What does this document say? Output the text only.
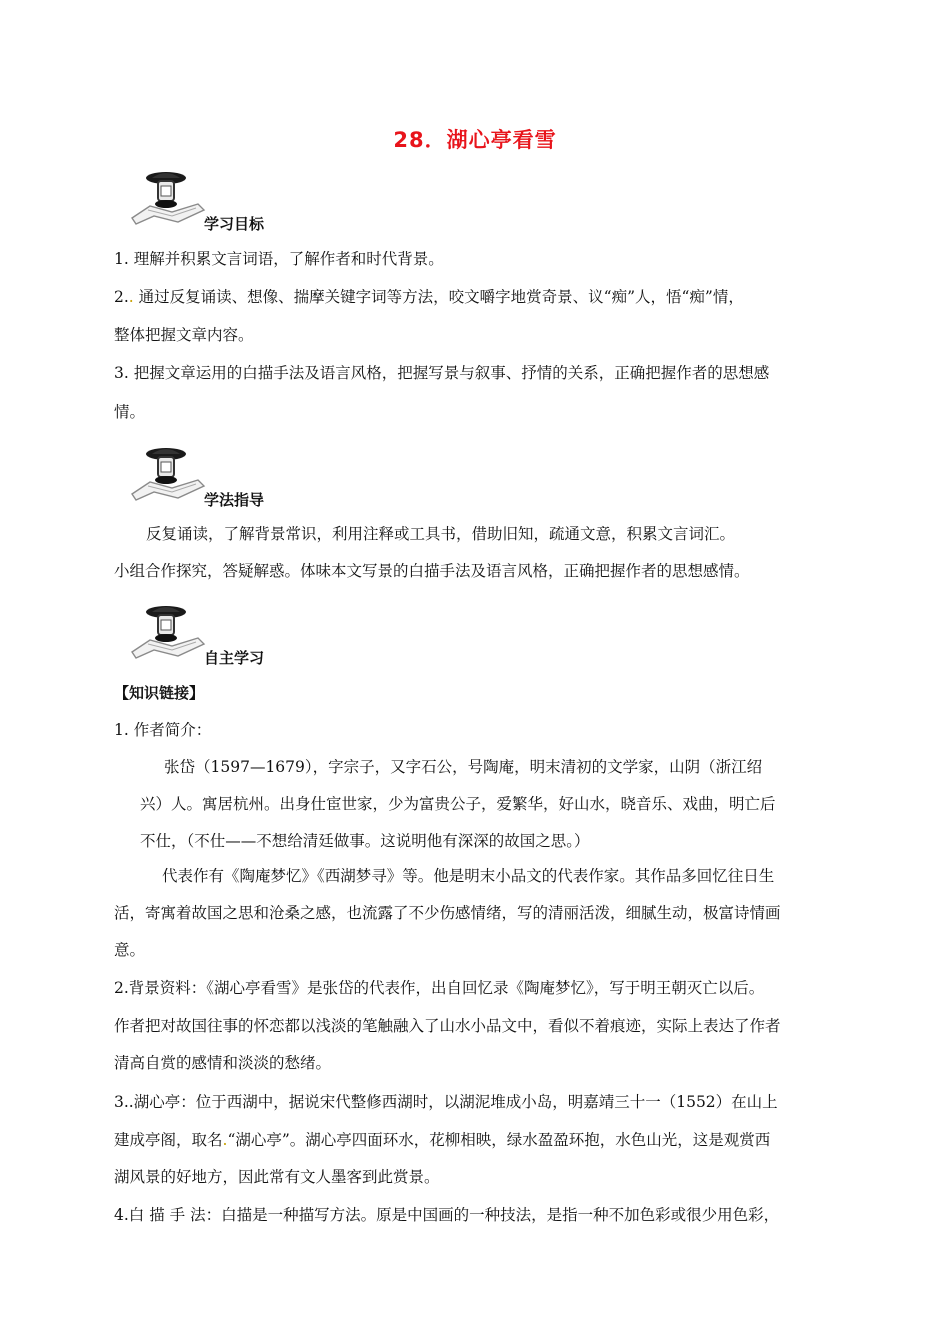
28．湖心亭看雪
学习目标
1. 理解并积累文言词语，了解作者和时代背景。
2.. 通过反复诵读、想像、揣摩关键字词等方法，咬文嚼字地赏奇景、议“痴”人，悟“痴”情，
整体把握文章内容。
3. 把握文章运用的白描手法及语言风格，把握写景与叙事、抒情的关系，正确把握作者的思想感
情。
学法指导
反复诵读，了解背景常识，利用注释或工具书，借助旧知，疏通文意，积累文言词汇。
小组合作探究，答疑解惑。体味本文写景的白描手法及语言风格，正确把握作者的思想感情。
自主学习
【知识链接】
1. 作者简介：
张岱（1597—1679），字宗子，又字石公，号陶庵，明末清初的文学家，山阴（浙江绍
兴）人。寓居杭州。出身仕宦世家，少为富贵公子，爱繁华，好山水，晓音乐、戏曲，明亡后
不仕，（不仕——不想给清廷做事。这说明他有深深的故国之思。）
代表作有《陶庵梦忆》《西湖梦寻》等。他是明末小品文的代表作家。其作品多回忆往日生
活，寄寓着故国之思和沧桑之感，也流露了不少伤感情绪，写的清丽活泼，细腻生动，极富诗情画
意。
2.背景资料：《湖心亭看雪》是张岱的代表作，出自回忆录《陶庵梦忆》，写于明王朝灭亡以后。
作者把对故国往事的怀恋都以浅淡的笔触融入了山水小品文中，看似不着痕迹，实际上表达了作者
清高自赏的感情和淡淡的愁绪。
3..湖心亭：位于西湖中，据说宋代整修西湖时，以湖泥堆成小岛，明嘉靖三十一（1552）在山上
建成亭阁，取名.“湖心亭”。湖心亭四面环水，花柳相映，绿水盈盈环抱，水色山光，这是观赏西
湖风景的好地方，因此常有文人墨客到此赏景。
4.白 描 手 法：白描是一种描写方法。原是中国画的一种技法，是指一种不加色彩或很少用色彩，
